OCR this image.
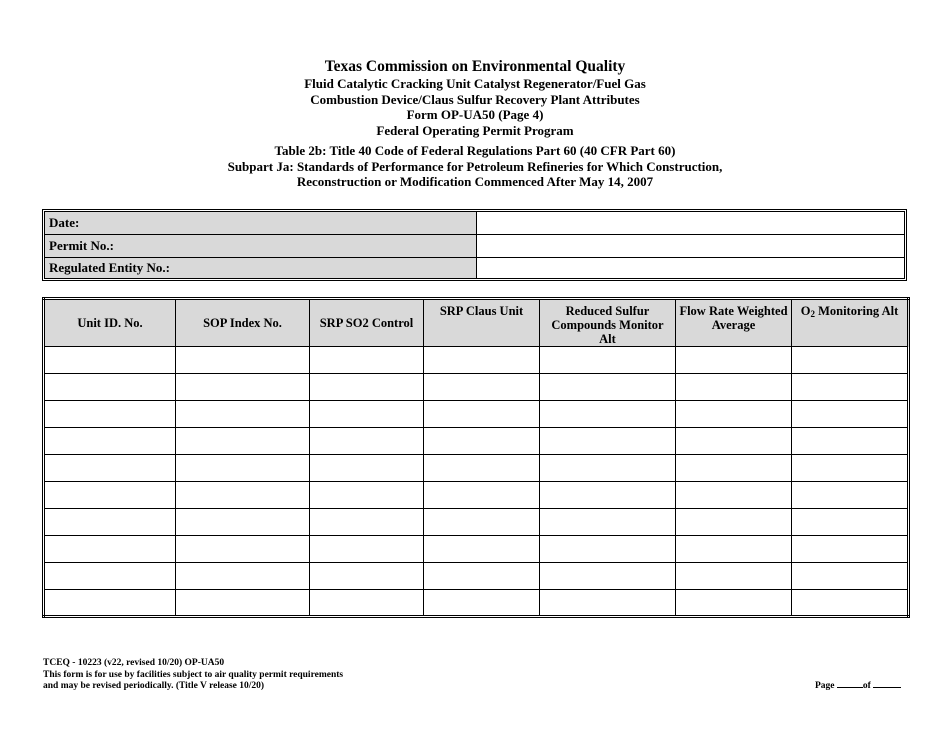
Texas Commission on Environmental Quality
Fluid Catalytic Cracking Unit Catalyst Regenerator/Fuel Gas
Combustion Device/Claus Sulfur Recovery Plant Attributes
Form OP-UA50 (Page 4)
Federal Operating Permit Program
Table 2b: Title 40 Code of Federal Regulations Part 60 (40 CFR Part 60)
Subpart Ja: Standards of Performance for Petroleum Refineries for Which Construction,
Reconstruction or Modification Commenced After May 14, 2007
Date:
Permit No.:
Regulated Entity No.:
Unit ID. No.	SOP Index No.	SRP SO2 Control	SRP Claus Unit	Reduced Sulfur Compounds Monitor Alt	Flow Rate Weighted Average	$O_2$ Monitoring Alt

TCEQ - 10223 (v22, revised 10/20) OP-UA50
This form is for use by facilities subject to air quality permit requirements
and may be revised periodically. (Title V release 10/20)	Page	of
